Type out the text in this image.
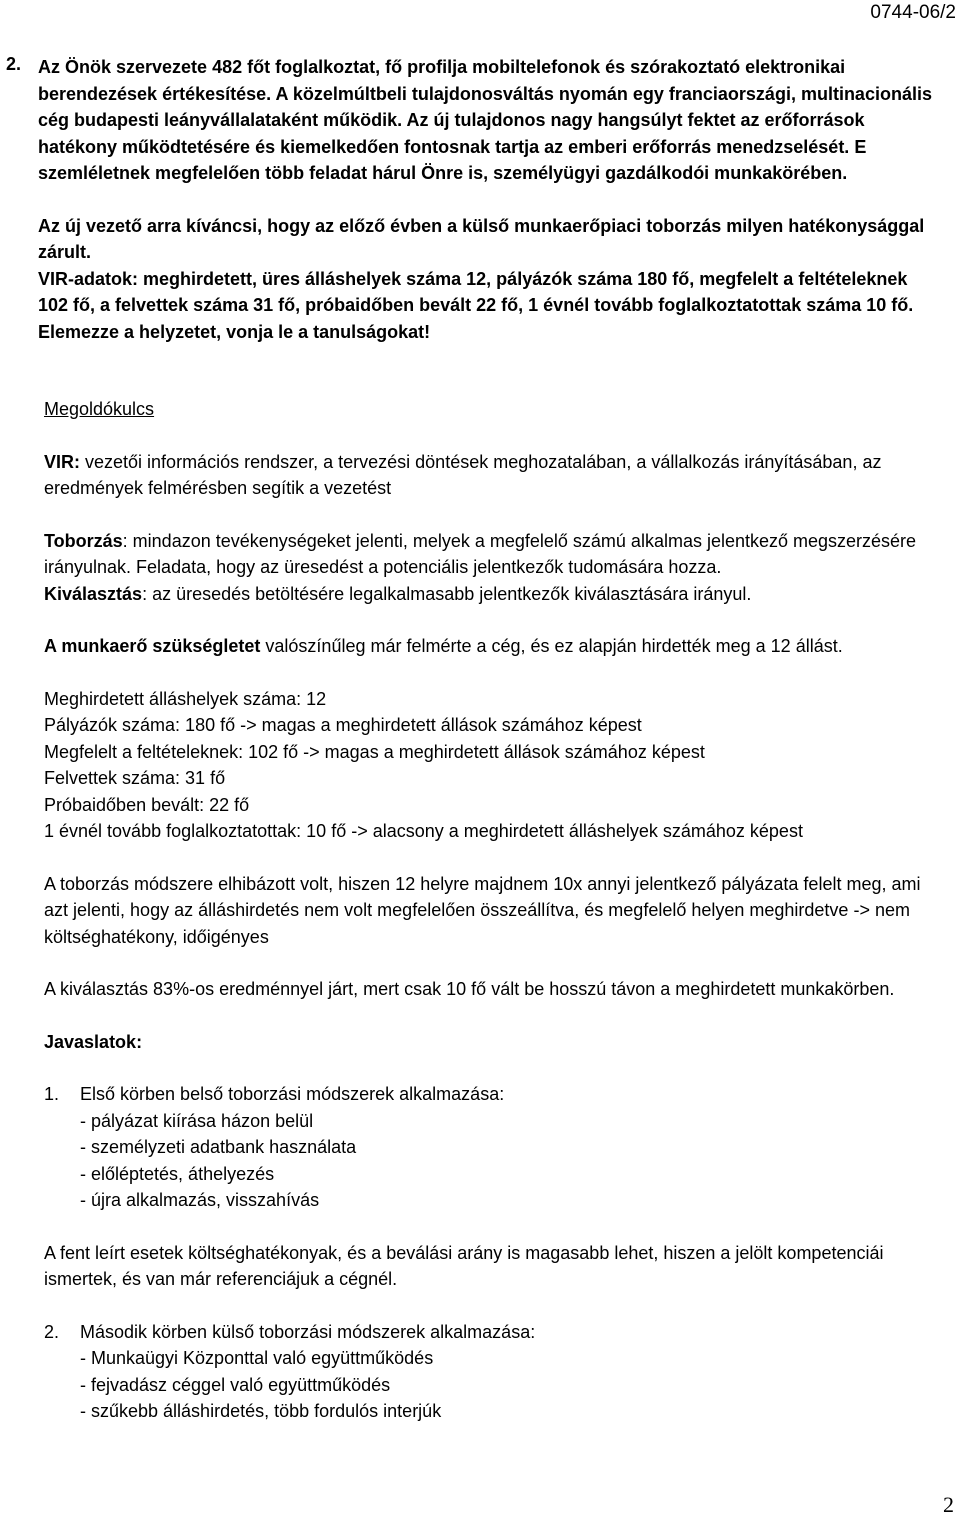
0744-06/2
2. Az Önök szervezete 482 főt foglalkoztat, fő profilja mobiltelefonok és szórakoztató elektronikai berendezések értékesítése. A közelmúltbeli tulajdonosváltás nyomán egy franciaországi, multinacionális cég budapesti leányvállalataként működik. Az új tulajdonos nagy hangsúlyt fektet az erőforrások hatékony működtetésére és kiemelkedően fontosnak tartja az emberi erőforrás menedzselését. E szemléletnek megfelelően több feladat hárul Önre is, személyügyi gazdálkodói munkakörében.

Az új vezető arra kíváncsi, hogy az előző évben a külső munkaerőpiaci toborzás milyen hatékonysággal zárult.

VIR-adatok: meghirdetett, üres álláshelyek száma 12, pályázók száma 180 fő, megfelelt a feltételeknek 102 fő, a felvettek száma 31 fő, próbaidőben bevált 22 fő, 1 évnél tovább foglalkoztatottak száma 10 fő. Elemezze a helyzetet, vonja le a tanulságokat!

Megoldókulcs

VIR: vezetői információs rendszer, a tervezési döntések meghozatalában, a vállalkozás irányításában, az eredmények felmérésben segítik a vezetést

Toborzás: mindazon tevékenységeket jelenti, melyek a megfelelő számú alkalmas jelentkező megszerzésére irányulnak. Feladata, hogy az üresedést a potenciális jelentkezők tudomására hozza.

Kiválasztás: az üresedés betöltésére legalkalmasabb jelentkezők kiválasztására irányul.

A munkaerő szükségletet valószínűleg már felmérte a cég, és ez alapján hirdették meg a 12 állást.

Meghirdetett álláshelyek száma: 12

Pályázók száma: 180 fő -> magas a meghirdetett állások számához képest

Megfelelt a feltételeknek: 102 fő -> magas a meghirdetett állások számához képest

Felvettek száma: 31 fő

Próbaidőben bevált: 22 fő

1 évnél tovább foglalkoztatottak: 10 fő -> alacsony a meghirdetett álláshelyek számához képest

A toborzás módszere elhibázott volt, hiszen 12 helyre majdnem 10x annyi jelentkező pályázata felelt meg, ami azt jelenti, hogy az álláshirdetés nem volt megfelelően összeállítva, és megfelelő helyen meghirdetve -> nem költséghatékony, időigényes

A kiválasztás 83%-os eredménnyel járt, mert csak 10 fő vált be hosszú távon a meghirdetett munkakörben.

Javaslatok:

1.	Első körben belső toborzási módszerek alkalmazása:

- pályázat kiírása házon belül

- személyzeti adatbank használata

- előléptetés, áthelyezés

- újra alkalmazás, visszahívás

A fent leírt esetek költséghatékonyak, és a beválási arány is magasabb lehet, hiszen a jelölt kompetenciái ismertek, és van már referenciájuk a cégnél.

2.	Második körben külső toborzási módszerek alkalmazása:

- Munkaügyi Központtal való együttműködés

- fejvadász céggel való együttműködés

- szűkebb álláshirdetés, több fordulós interjúk

2
